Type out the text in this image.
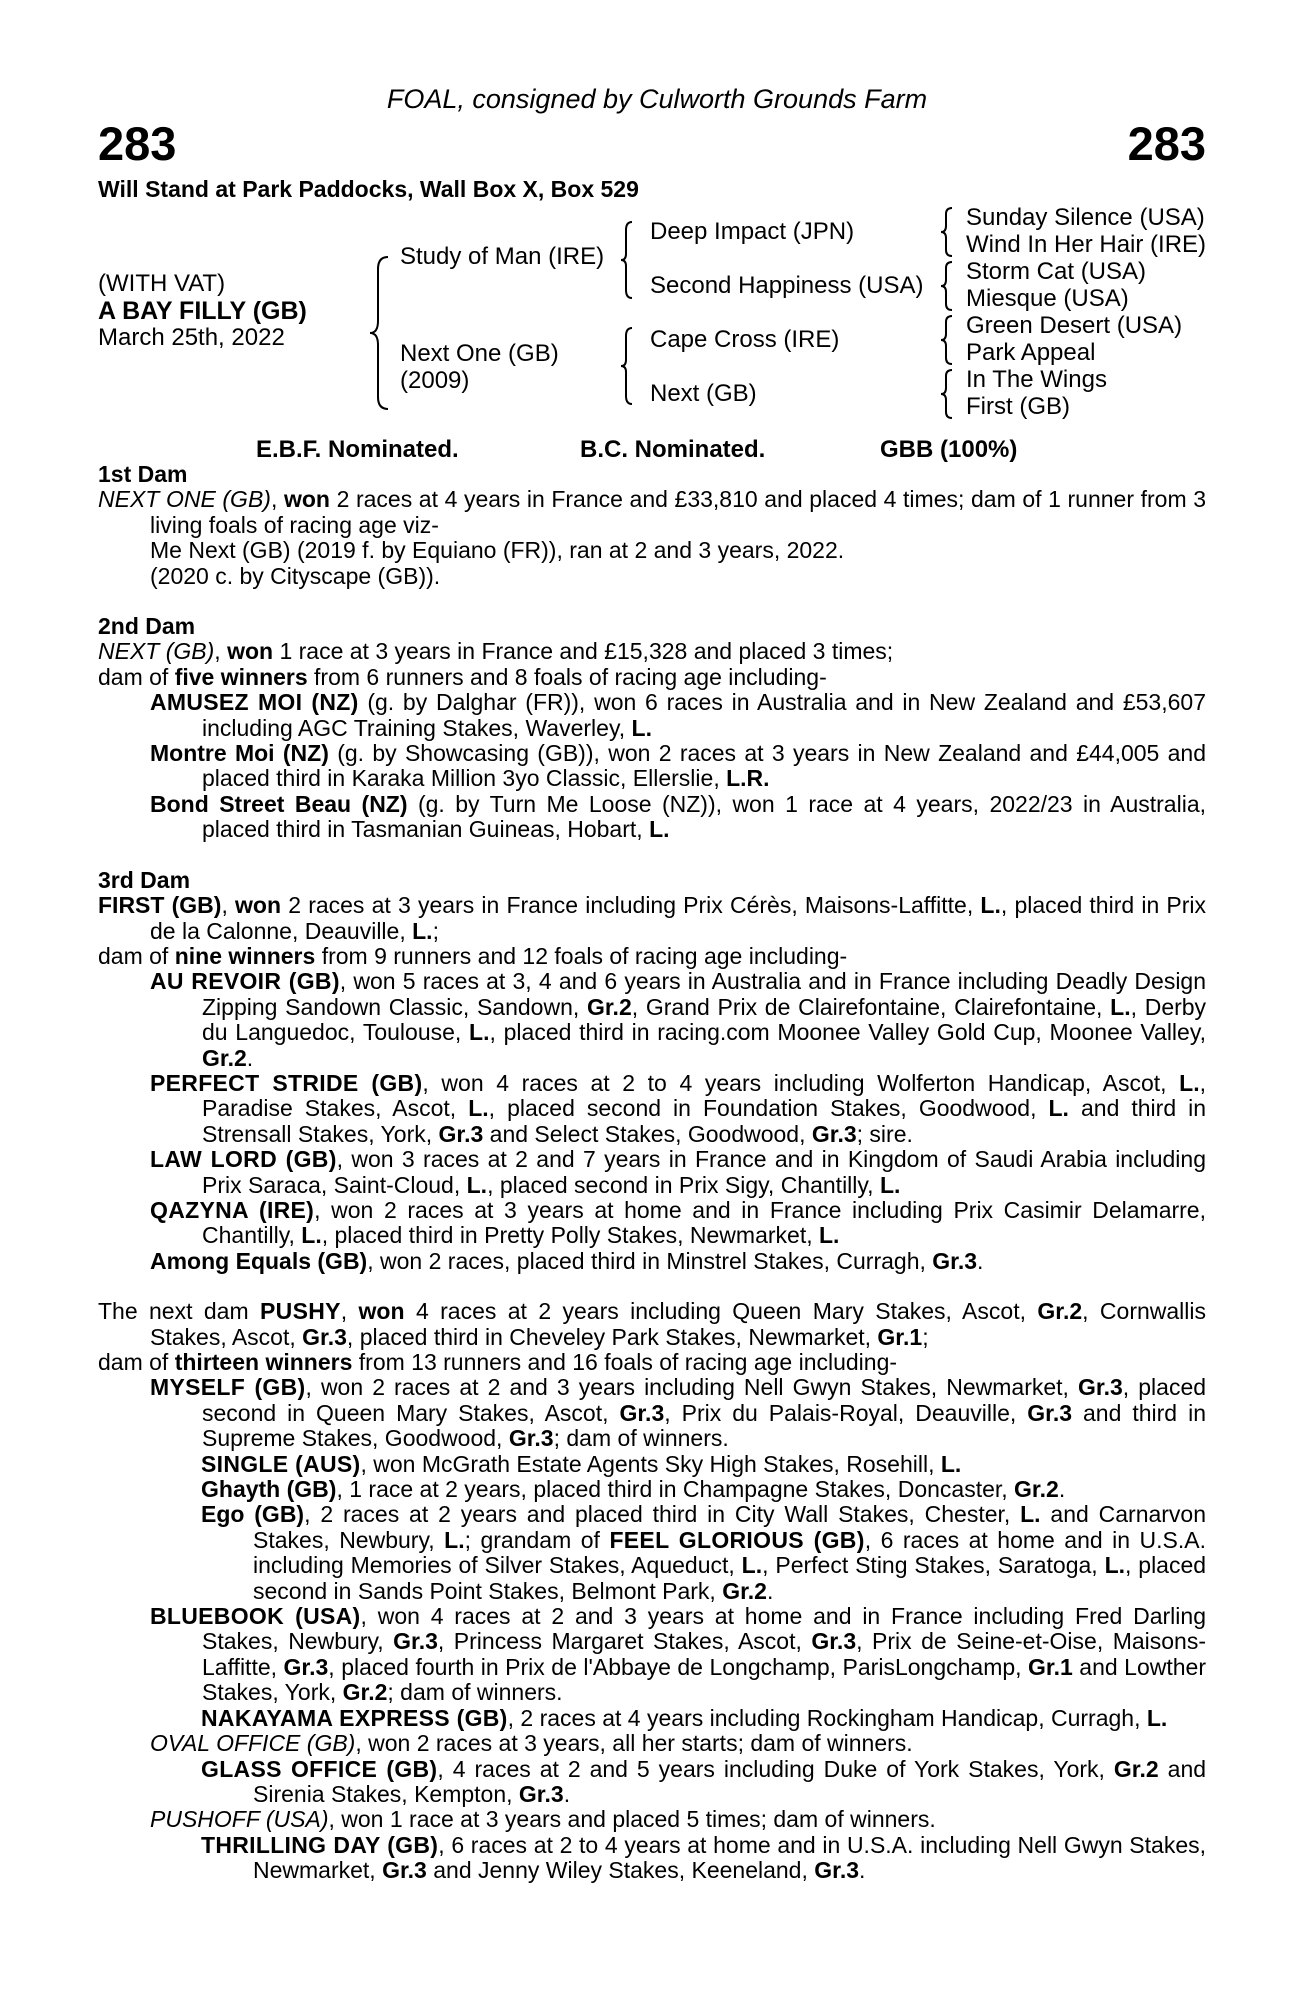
FOAL, consigned by Culworth Grounds Farm
283	283
Will Stand at Park Paddocks, Wall Box X, Box 529
(WITH VAT)
A BAY FILLY (GB)
March 25th, 2022
Study of Man (IRE)
Next One (GB)
(2009)
Deep Impact (JPN)
Second Happiness (USA)
Cape Cross (IRE)
Next (GB)
Sunday Silence (USA)
Wind In Her Hair (IRE)
Storm Cat (USA)
Miesque (USA)
Green Desert (USA)
Park Appeal
In The Wings
First (GB)
E.B.F. Nominated.	B.C. Nominated.	GBB (100%)

1st Dam

NEXT ONE (GB), won 2 races at 4 years in France and £33,810 and placed 4 times; dam of 1 runner from 3 living foals of racing age viz-

Me Next (GB) (2019 f. by Equiano (FR)), ran at 2 and 3 years, 2022.

(2020 c. by Cityscape (GB)).

2nd Dam

NEXT (GB), won 1 race at 3 years in France and £15,328 and placed 3 times;

dam of five winners from 6 runners and 8 foals of racing age including-

AMUSEZ MOI (NZ) (g. by Dalghar (FR)), won 6 races in Australia and in New Zealand and £53,607 including AGC Training Stakes, Waverley, L.

Montre Moi (NZ) (g. by Showcasing (GB)), won 2 races at 3 years in New Zealand and £44,005 and placed third in Karaka Million 3yo Classic, Ellerslie, L.R.

Bond Street Beau (NZ) (g. by Turn Me Loose (NZ)), won 1 race at 4 years, 2022/23 in Australia, placed third in Tasmanian Guineas, Hobart, L.

3rd Dam

FIRST (GB), won 2 races at 3 years in France including Prix Cérès, Maisons-Laffitte, L., placed third in Prix de la Calonne, Deauville, L.;

dam of nine winners from 9 runners and 12 foals of racing age including-

AU REVOIR (GB), won 5 races at 3, 4 and 6 years in Australia and in France including Deadly Design Zipping Sandown Classic, Sandown, Gr.2, Grand Prix de Clairefontaine, Clairefontaine, L., Derby du Languedoc, Toulouse, L., placed third in racing.com Moonee Valley Gold Cup, Moonee Valley, Gr.2.

PERFECT STRIDE (GB), won 4 races at 2 to 4 years including Wolferton Handicap, Ascot, L., Paradise Stakes, Ascot, L., placed second in Foundation Stakes, Goodwood, L. and third in Strensall Stakes, York, Gr.3 and Select Stakes, Goodwood, Gr.3; sire.

LAW LORD (GB), won 3 races at 2 and 7 years in France and in Kingdom of Saudi Arabia including Prix Saraca, Saint-Cloud, L., placed second in Prix Sigy, Chantilly, L.

QAZYNA (IRE), won 2 races at 3 years at home and in France including Prix Casimir Delamarre, Chantilly, L., placed third in Pretty Polly Stakes, Newmarket, L.

Among Equals (GB), won 2 races, placed third in Minstrel Stakes, Curragh, Gr.3.

The next dam PUSHY, won 4 races at 2 years including Queen Mary Stakes, Ascot, Gr.2, Cornwallis Stakes, Ascot, Gr.3, placed third in Cheveley Park Stakes, Newmarket, Gr.1;

dam of thirteen winners from 13 runners and 16 foals of racing age including-

MYSELF (GB), won 2 races at 2 and 3 years including Nell Gwyn Stakes, Newmarket, Gr.3, placed second in Queen Mary Stakes, Ascot, Gr.3, Prix du Palais-Royal, Deauville, Gr.3 and third in Supreme Stakes, Goodwood, Gr.3; dam of winners.

SINGLE (AUS), won McGrath Estate Agents Sky High Stakes, Rosehill, L.

Ghayth (GB), 1 race at 2 years, placed third in Champagne Stakes, Doncaster, Gr.2.

Ego (GB), 2 races at 2 years and placed third in City Wall Stakes, Chester, L. and Carnarvon Stakes, Newbury, L.; grandam of FEEL GLORIOUS (GB), 6 races at home and in U.S.A. including Memories of Silver Stakes, Aqueduct, L., Perfect Sting Stakes, Saratoga, L., placed second in Sands Point Stakes, Belmont Park, Gr.2.

BLUEBOOK (USA), won 4 races at 2 and 3 years at home and in France including Fred Darling Stakes, Newbury, Gr.3, Princess Margaret Stakes, Ascot, Gr.3, Prix de Seine-et-Oise, Maisons-Laffitte, Gr.3, placed fourth in Prix de l'Abbaye de Longchamp, ParisLongchamp, Gr.1 and Lowther Stakes, York, Gr.2; dam of winners.

NAKAYAMA EXPRESS (GB), 2 races at 4 years including Rockingham Handicap, Curragh, L.

OVAL OFFICE (GB), won 2 races at 3 years, all her starts; dam of winners.

GLASS OFFICE (GB), 4 races at 2 and 5 years including Duke of York Stakes, York, Gr.2 and Sirenia Stakes, Kempton, Gr.3.

PUSHOFF (USA), won 1 race at 3 years and placed 5 times; dam of winners.

THRILLING DAY (GB), 6 races at 2 to 4 years at home and in U.S.A. including Nell Gwyn Stakes, Newmarket, Gr.3 and Jenny Wiley Stakes, Keeneland, Gr.3.
